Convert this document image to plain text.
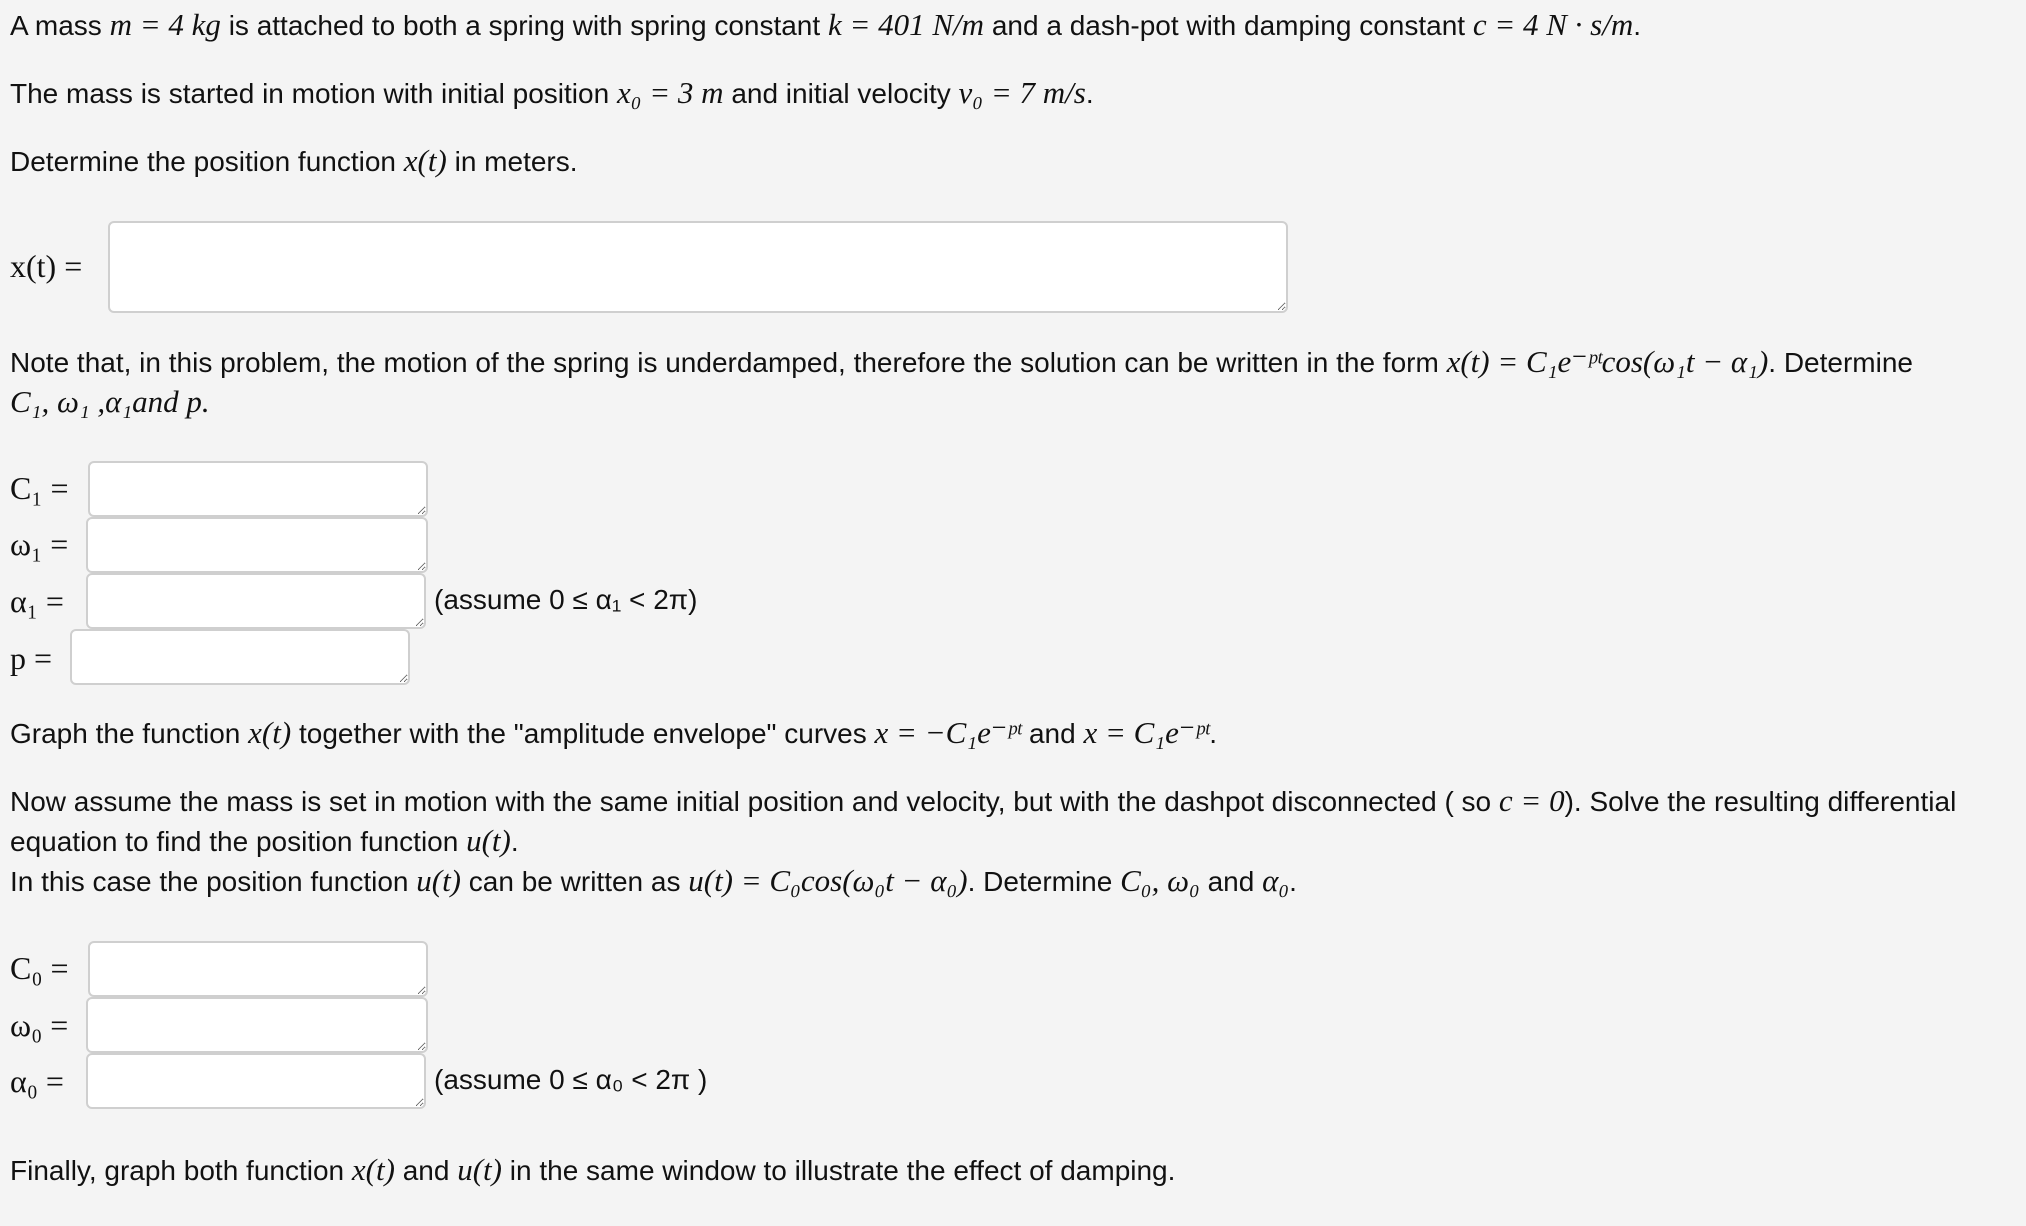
A mass m = 4 kg is attached to both a spring with spring constant k = 401 N/m and a dash-pot with damping constant c = 4 N · s/m.
The mass is started in motion with initial position x₀ = 3 m and initial velocity v₀ = 7 m/s.
Determine the position function x(t) in meters.
x(t) =
Note that, in this problem, the motion of the spring is underdamped, therefore the solution can be written in the form x(t) = C₁e⁻ᵖᵗcos(ω₁t − α₁). Determine
C₁, ω₁ ,α₁and p.
C₁ =
ω₁ =
α₁ =	(assume 0 ≤ α₁ < 2π)
p =
Graph the function x(t) together with the "amplitude envelope" curves x = −C₁e⁻ᵖᵗ and x = C₁e⁻ᵖᵗ.
Now assume the mass is set in motion with the same initial position and velocity, but with the dashpot disconnected ( so c = 0). Solve the resulting differential
equation to find the position function u(t).
In this case the position function u(t) can be written as u(t) = C₀cos(ω₀t − α₀). Determine C₀, ω₀ and α₀.
C₀ =
ω₀ =
α₀ =	(assume 0 ≤ α₀ < 2π )
Finally, graph both function x(t) and u(t) in the same window to illustrate the effect of damping.
